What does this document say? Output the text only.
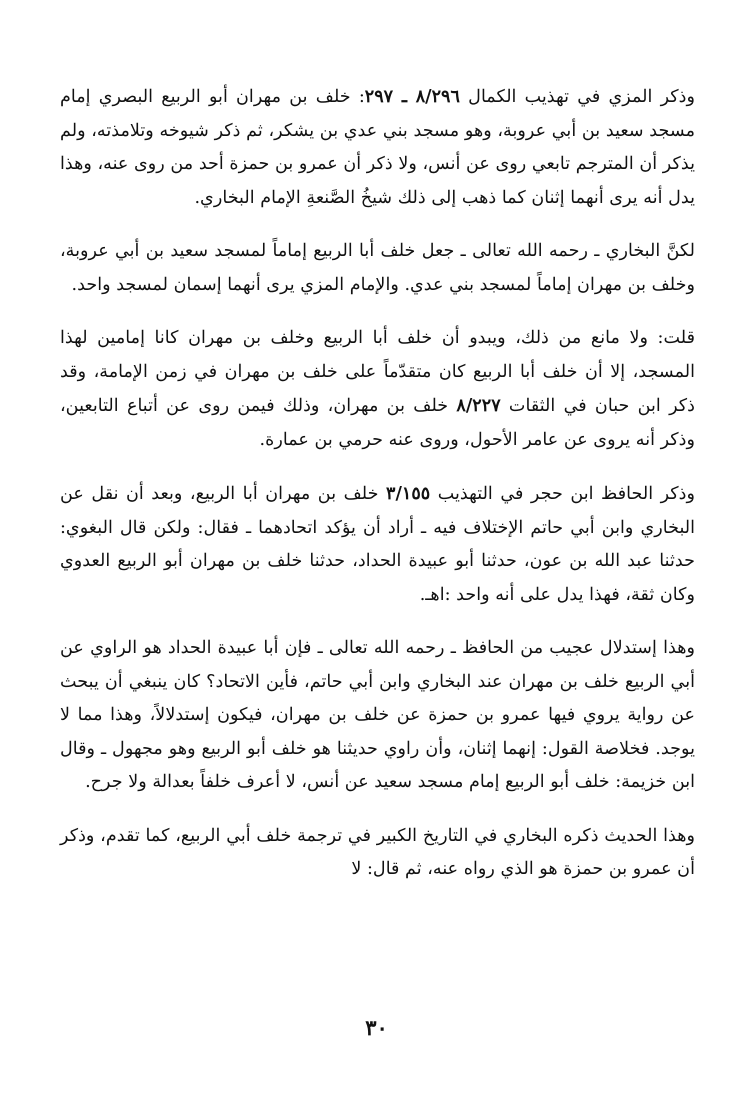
وذكر المزي في تهذيب الكمال ٨/٢٩٦ ـ ٢٩٧: خلف بن مهران أبو الربيع البصري إمام مسجد سعيد بن أبي عروبة، وهو مسجد بني عدي بن يشكر، ثم ذكر شيوخه وتلامذته، ولم يذكر أن المترجم تابعي روى عن أنس، ولا ذكر أن عمرو بن حمزة أحد من روى عنه، وهذا يدل أنه يرى أنهما إثنان كما ذهب إلى ذلك شيخُ الصَّنعةِ الإمام البخاري.

لكنَّ البخاري ـ رحمه الله تعالى ـ جعل خلف أبا الربيع إماماً لمسجد سعيد بن أبي عروبة، وخلف بن مهران إماماً لمسجد بني عدي. والإمام المزي يرى أنهما إسمان لمسجد واحد.

قلت: ولا مانع من ذلك، ويبدو أن خلف أبا الربيع وخلف بن مهران كانا إمامين لهذا المسجد، إلا أن خلف أبا الربيع كان متقدّماً على خلف بن مهران في زمن الإمامة، وقد ذكر ابن حبان في الثقات ٨/٢٢٧ خلف بن مهران، وذلك فيمن روى عن أتباع التابعين، وذكر أنه يروى عن عامر الأحول، وروى عنه حرمي بن عمارة.

وذكر الحافظ ابن حجر في التهذيب ٣/١٥٥ خلف بن مهران أبا الربيع، وبعد أن نقل عن البخاري وابن أبي حاتم الإختلاف فيه ـ أراد أن يؤكد اتحادهما ـ فقال: ولكن قال البغوي: حدثنا عبد الله بن عون، حدثنا أبو عبيدة الحداد، حدثنا خلف بن مهران أبو الربيع العدوي وكان ثقة، فهذا يدل على أنه واحد :اهـ.

وهذا إستدلال عجيب من الحافظ ـ رحمه الله تعالى ـ فإن أبا عبيدة الحداد هو الراوي عن أبي الربيع خلف بن مهران عند البخاري وابن أبي حاتم، فأين الاتحاد؟ كان ينبغي أن يبحث عن رواية يروي فيها عمرو بن حمزة عن خلف بن مهران، فيكون إستدلالاً، وهذا مما لا يوجد. فخلاصة القول: إنهما إثنان، وأن راوي حديثنا هو خلف أبو الربيع وهو مجهول ـ وقال ابن خزيمة: خلف أبو الربيع إمام مسجد سعيد عن أنس، لا أعرف خلفاً بعدالة ولا جرح.

وهذا الحديث ذكره البخاري في التاريخ الكبير في ترجمة خلف أبي الربيع، كما تقدم، وذكر أن عمرو بن حمزة هو الذي رواه عنه، ثم قال: لا

٣٠
